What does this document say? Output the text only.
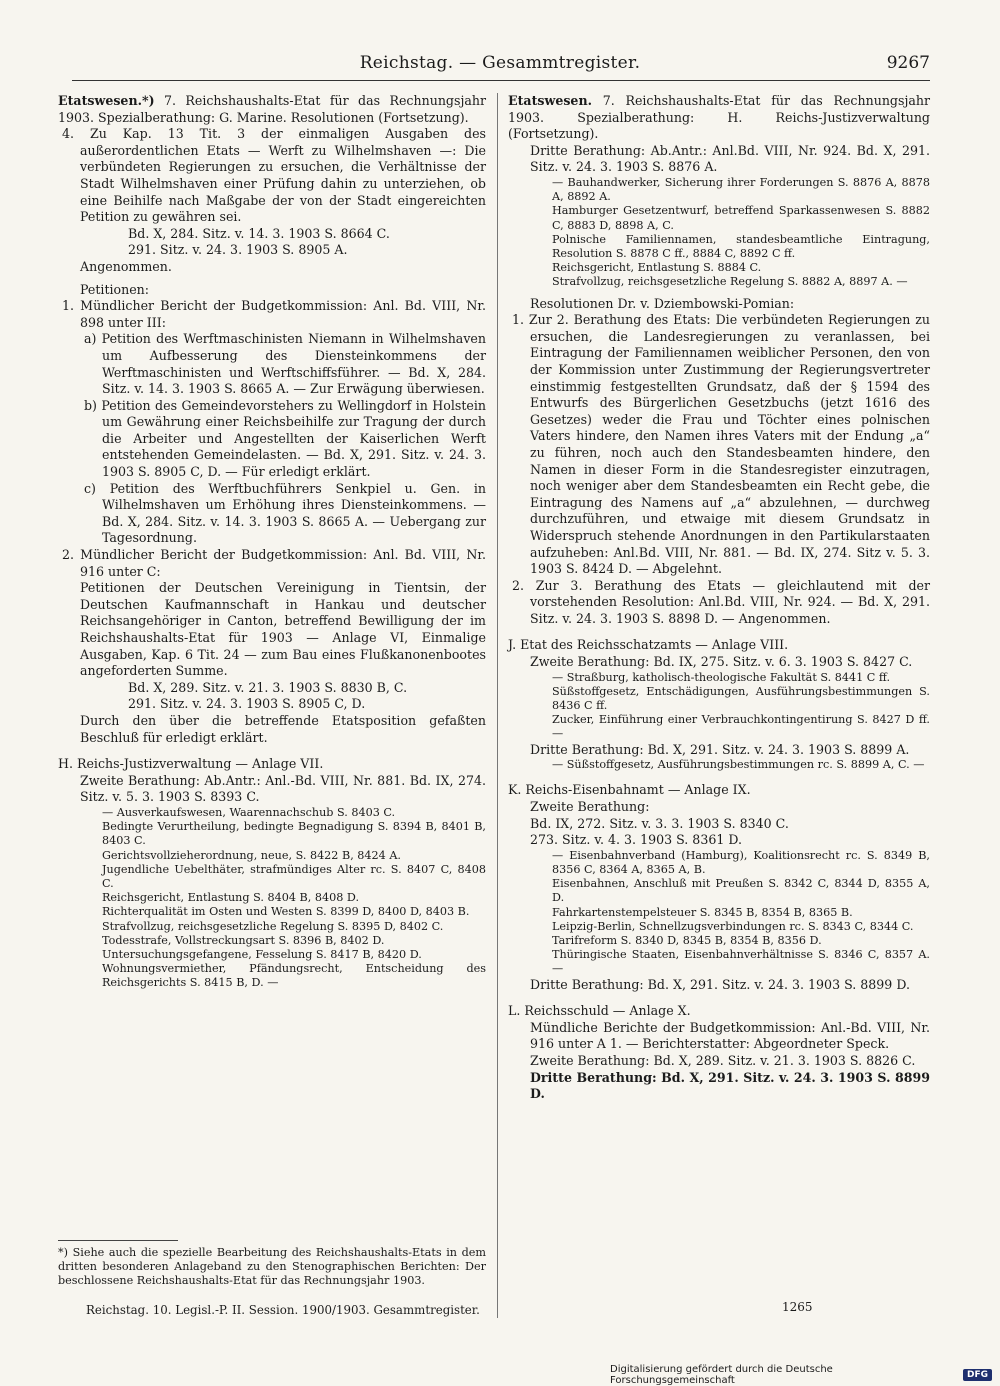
Reichstag. — Gesammtregister.	9267
Etatswesen.*) 7. Reichshaushalts-Etat für das Rechnungsjahr 1903. Spezialberathung: G. Marine. Resolutionen (Fortsetzung).
4. Zu Kap. 13 Tit. 3 der einmaligen Ausgaben des außerordentlichen Etats — Werft zu Wilhelmshaven —: Die verbündeten Regierungen zu ersuchen, die Verhältnisse der Stadt Wilhelmshaven einer Prüfung dahin zu unterziehen, ob eine Beihilfe nach Maßgabe der von der Stadt eingereichten Petition zu gewähren sei.
Bd. X, 284. Sitz. v. 14. 3. 1903 S. 8664 C.
291. Sitz. v. 24. 3. 1903 S. 8905 A.
Angenommen.
Petitionen:
1. Mündlicher Bericht der Budgetkommission: Anl. Bd. VIII, Nr. 898 unter III:
a) Petition des Werftmaschinisten Niemann in Wilhelmshaven um Aufbesserung des Diensteinkommens der Werftmaschinisten und Werftschiffsführer. — Bd. X, 284. Sitz. v. 14. 3. 1903 S. 8665 A. — Zur Erwägung überwiesen.
b) Petition des Gemeindevorstehers zu Wellingdorf in Holstein um Gewährung einer Reichsbeihilfe zur Tragung der durch die Arbeiter und Angestellten der Kaiserlichen Werft entstehenden Gemeindelasten. — Bd. X, 291. Sitz. v. 24. 3. 1903 S. 8905 C, D. — Für erledigt erklärt.
c) Petition des Werftbuchführers Senkpiel u. Gen. in Wilhelmshaven um Erhöhung ihres Diensteinkommens. — Bd. X, 284. Sitz. v. 14. 3. 1903 S. 8665 A. — Uebergang zur Tagesordnung.
2. Mündlicher Bericht der Budgetkommission: Anl. Bd. VIII, Nr. 916 unter C:
Petitionen der Deutschen Vereinigung in Tientsin, der Deutschen Kaufmannschaft in Hankau und deutscher Reichsangehöriger in Canton, betreffend Bewilligung der im Reichshaushalts-Etat für 1903 — Anlage VI, Einmalige Ausgaben, Kap. 6 Tit. 24 — zum Bau eines Flußkanonenbootes angeforderten Summe.
Bd. X, 289. Sitz. v. 21. 3. 1903 S. 8830 B, C.
291. Sitz. v. 24. 3. 1903 S. 8905 C, D.
Durch den über die betreffende Etatsposition gefaßten Beschluß für erledigt erklärt.
H. Reichs-Justizverwaltung — Anlage VII.
Zweite Berathung: Ab.Antr.: Anl.-Bd. VIII, Nr. 881. Bd. IX, 274. Sitz. v. 5. 3. 1903 S. 8393 C.
— Ausverkaufswesen, Waarennachschub S. 8403 C.
Bedingte Verurtheilung, bedingte Begnadigung S. 8394 B, 8401 B, 8403 C.
Gerichtsvollzieherordnung, neue, S. 8422 B, 8424 A.
Jugendliche Uebelthäter, strafmündiges Alter rc. S. 8407 C, 8408 C.
Reichsgericht, Entlastung S. 8404 B, 8408 D.
Richterqualität im Osten und Westen S. 8399 D, 8400 D, 8403 B.
Strafvollzug, reichsgesetzliche Regelung S. 8395 D, 8402 C.
Todesstrafe, Vollstreckungsart S. 8396 B, 8402 D.
Untersuchungsgefangene, Fesselung S. 8417 B, 8420 D.
Wohnungsvermiether, Pfändungsrecht, Entscheidung des Reichsgerichts S. 8415 B, D. —
Etatswesen. 7. Reichshaushalts-Etat für das Rechnungsjahr 1903. Spezialberathung: H. Reichs-Justizverwaltung (Fortsetzung).
Dritte Berathung: Ab.Antr.: Anl.Bd. VIII, Nr. 924. Bd. X, 291. Sitz. v. 24. 3. 1903 S. 8876 A.
— Bauhandwerker, Sicherung ihrer Forderungen S. 8876 A, 8878 A, 8892 A.
Hamburger Gesetzentwurf, betreffend Sparkassenwesen S. 8882 C, 8883 D, 8898 A, C.
Polnische Familiennamen, standesbeamtliche Eintragung, Resolution S. 8878 C ff., 8884 C, 8892 C ff.
Reichsgericht, Entlastung S. 8884 C.
Strafvollzug, reichsgesetzliche Regelung S. 8882 A, 8897 A. —
Resolutionen Dr. v. Dziembowski-Pomian:
1. Zur 2. Berathung des Etats: Die verbündeten Regierungen zu ersuchen, die Landesregierungen zu veranlassen, bei Eintragung der Familiennamen weiblicher Personen, den von der Kommission unter Zustimmung der Regierungsvertreter einstimmig festgestellten Grundsatz, daß der § 1594 des Entwurfs des Bürgerlichen Gesetzbuchs (jetzt 1616 des Gesetzes) weder die Frau und Töchter eines polnischen Vaters hindere, den Namen ihres Vaters mit der Endung „a“ zu führen, noch auch den Standesbeamten hindere, den Namen in dieser Form in die Standesregister einzutragen, noch weniger aber dem Standesbeamten ein Recht gebe, die Eintragung des Namens auf „a“ abzulehnen, — durchweg durchzuführen, und etwaige mit diesem Grundsatz in Widerspruch stehende Anordnungen in den Partikularstaaten aufzuheben: Anl.Bd. VIII, Nr. 881. — Bd. IX, 274. Sitz v. 5. 3. 1903 S. 8424 D. — Abgelehnt.
2. Zur 3. Berathung des Etats — gleichlautend mit der vorstehenden Resolution: Anl.Bd. VIII, Nr. 924. — Bd. X, 291. Sitz. v. 24. 3. 1903 S. 8898 D. — Angenommen.
J. Etat des Reichsschatzamts — Anlage VIII.
Zweite Berathung: Bd. IX, 275. Sitz. v. 6. 3. 1903 S. 8427 C.
— Straßburg, katholisch-theologische Fakultät S. 8441 C ff.
Süßstoffgesetz, Entschädigungen, Ausführungsbestimmungen S. 8436 C ff.
Zucker, Einführung einer Verbrauchkontingentirung S. 8427 D ff. —
Dritte Berathung: Bd. X, 291. Sitz. v. 24. 3. 1903 S. 8899 A.
— Süßstoffgesetz, Ausführungsbestimmungen rc. S. 8899 A, C. —
K. Reichs-Eisenbahnamt — Anlage IX.
Zweite Berathung:
Bd. IX, 272. Sitz. v. 3. 3. 1903 S. 8340 C.
273. Sitz. v. 4. 3. 1903 S. 8361 D.
— Eisenbahnverband (Hamburg), Koalitionsrecht rc. S. 8349 B, 8356 C, 8364 A, 8365 A, B.
Eisenbahnen, Anschluß mit Preußen S. 8342 C, 8344 D, 8355 A, D.
Fahrkartenstempelsteuer S. 8345 B, 8354 B, 8365 B.
Leipzig-Berlin, Schnellzugsverbindungen rc. S. 8343 C, 8344 C.
Tarifreform S. 8340 D, 8345 B, 8354 B, 8356 D.
Thüringische Staaten, Eisenbahnverhältnisse S. 8346 C, 8357 A. —
Dritte Berathung: Bd. X, 291. Sitz. v. 24. 3. 1903 S. 8899 D.
L. Reichsschuld — Anlage X.
Mündliche Berichte der Budgetkommission: Anl.-Bd. VIII, Nr. 916 unter A 1. — Berichterstatter: Abgeordneter Speck.
Zweite Berathung: Bd. X, 289. Sitz. v. 21. 3. 1903 S. 8826 C.
Dritte Berathung: Bd. X, 291. Sitz. v. 24. 3. 1903 S. 8899 D.
*) Siehe auch die spezielle Bearbeitung des Reichshaushalts-Etats in dem dritten besonderen Anlageband zu den Stenographischen Berichten: Der beschlossene Reichshaushalts-Etat für das Rechnungsjahr 1903.
Reichstag. 10. Legisl.-P. II. Session. 1900/1903. Gesammtregister.	1265
Digitalisierung gefördert durch die Deutsche Forschungsgemeinschaft	DFG
